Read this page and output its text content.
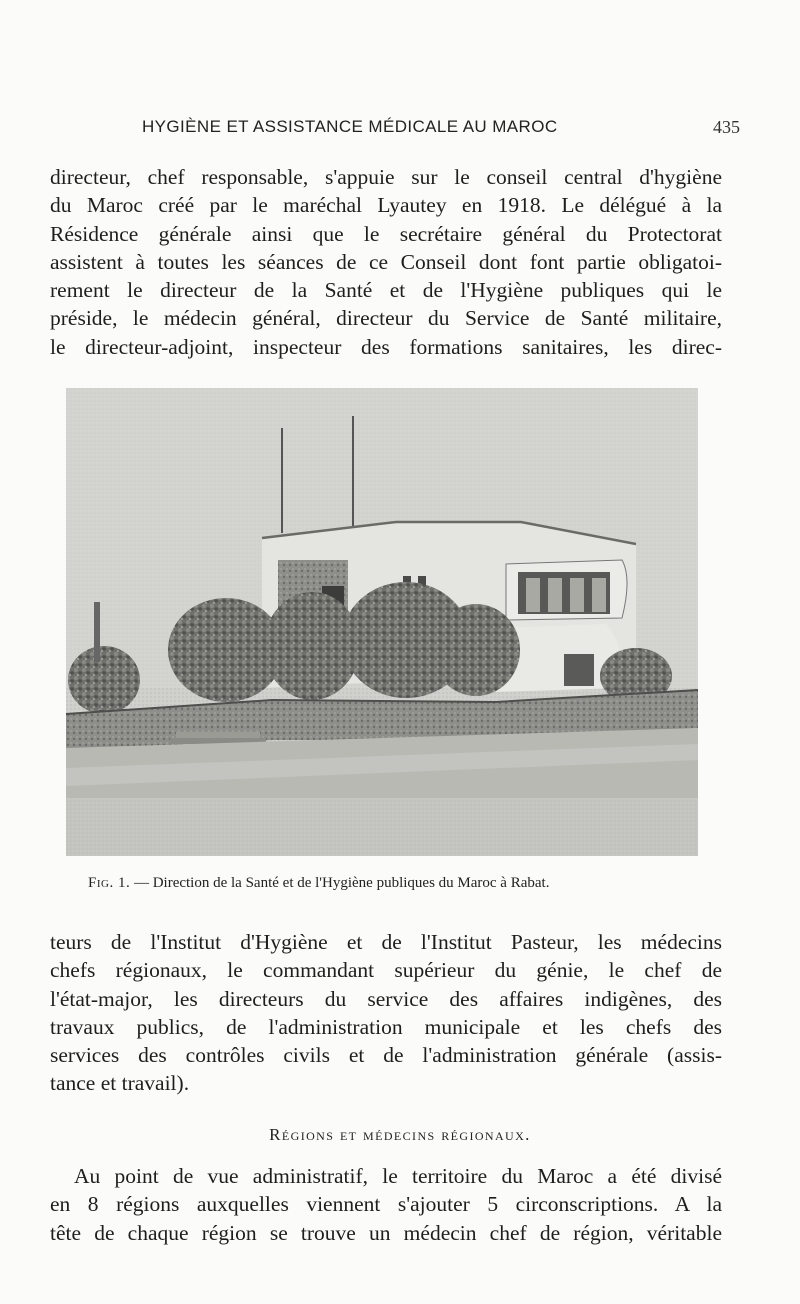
HYGIÈNE ET ASSISTANCE MÉDICALE AU MAROC	435
directeur, chef responsable, s'appuie sur le conseil central d'hygiène
du Maroc créé par le maréchal Lyautey en 1918. Le délégué à la
Résidence générale ainsi que le secrétaire général du Protectorat
assistent à toutes les séances de ce Conseil dont font partie obligatoi-
rement le directeur de la Santé et de l'Hygiène publiques qui le
préside, le médecin général, directeur du Service de Santé militaire,
le directeur-adjoint, inspecteur des formations sanitaires, les direc-
Fig. 1. — Direction de la Santé et de l'Hygiène publiques du Maroc à Rabat.
teurs de l'Institut d'Hygiène et de l'Institut Pasteur, les médecins
chefs régionaux, le commandant supérieur du génie, le chef de
l'état-major, les directeurs du service des affaires indigènes, des
travaux publics, de l'administration municipale et les chefs des
services des contrôles civils et de l'administration générale (assis-
tance et travail).
Régions et médecins régionaux.
Au point de vue administratif, le territoire du Maroc a été divisé
en 8 régions auxquelles viennent s'ajouter 5 circonscriptions. A la
tête de chaque région se trouve un médecin chef de région, véritable
